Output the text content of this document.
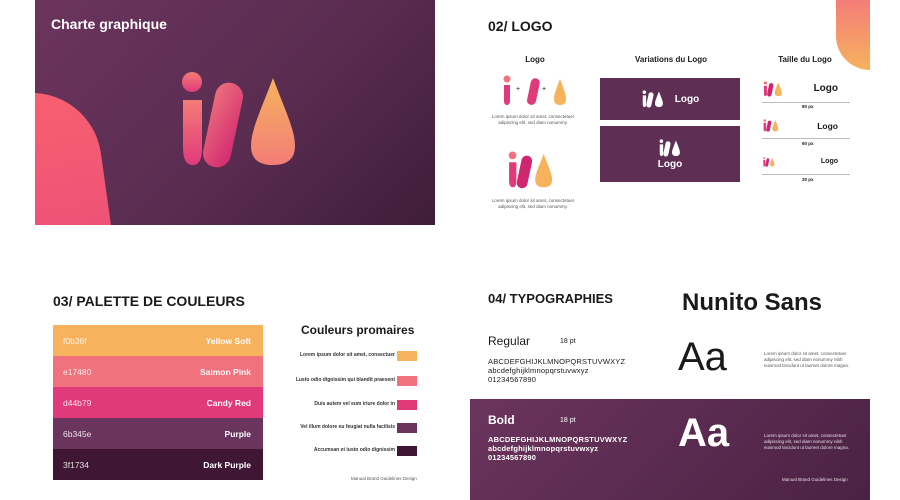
Charte graphique	02/ LOGO
Logo	Variations du Logo	Taille du Logo
+	+
Lorem ipsum dolor sit amet, consectetuer adipiscing elit, sed diam nonummy.
Lorem ipsum dolor sit amet, consectetuer adipiscing elit, sed diam nonummy.
Logo
Logo
Logo
80 px
Logo
60 px
Logo
30 px
03/ PALETTE DE COULEURS
f0b36f	Yellow Soft
e17480	Salmon Pink
d44b79	Candy Red
6b345e	Purple
3f1734	Dark Purple
Couleurs promaires
Lorem ipsum dolor sit amet, consectuer
Lusto odio dignissim qui blandit praesent
Duis autem vel eum iriure dolor in
Vel illum dolore eu feugiat nulla facilisis
Accumsan et iusto odio dignissim
Manual Brand Guidelines Design
04/ TYPOGRAPHIES	Nunito Sans
Regular	18 pt
ABCDEFGHIJKLMNOPQRSTUVWXYZ
abcdefghijklmnopqrstuvwxyz
01234567890
Aa	Lorem ipsum dolor sit amet, consectetuer adipiscing elit, sed diam nonummy nibh euismod tincidunt ut laoreet dolore magna.
Bold	18 pt
ABCDEFGHIJKLMNOPQRSTUVWXYZ
abcdefghijklmnopqrstuvwxyz
01234567890
Aa	Lorem ipsum dolor sit amet, consectetuer adipiscing elit, sed diam nonummy nibh euismod tincidunt ut laoreet dolore magna.
Manual Brand Guidelines Design
